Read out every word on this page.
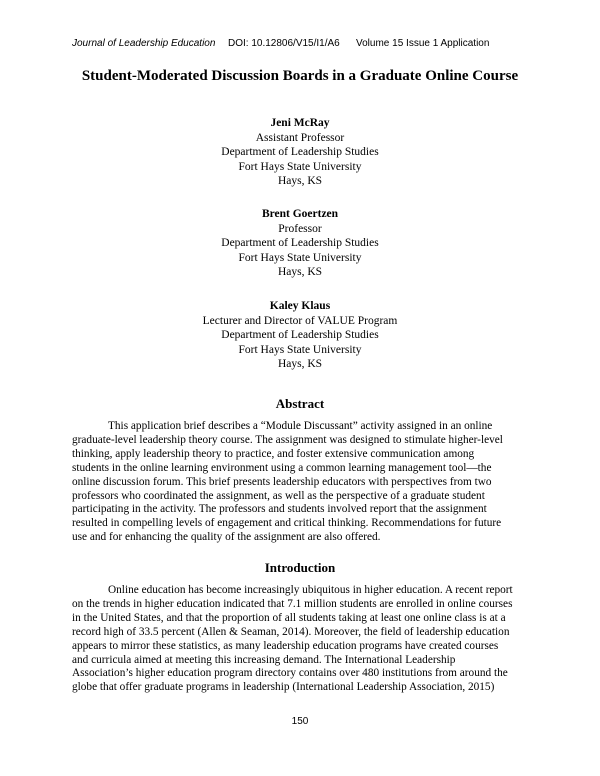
Journal of Leadership Education DOI: 10.12806/V15/I1/A6 Volume 15 Issue 1 Application
Student-Moderated Discussion Boards in a Graduate Online Course
Jeni McRay
Assistant Professor
Department of Leadership Studies
Fort Hays State University
Hays, KS
Brent Goertzen
Professor
Department of Leadership Studies
Fort Hays State University
Hays, KS
Kaley Klaus
Lecturer and Director of VALUE Program
Department of Leadership Studies
Fort Hays State University
Hays, KS
Abstract
This application brief describes a “Module Discussant” activity assigned in an online
graduate-level leadership theory course. The assignment was designed to stimulate higher-level
thinking, apply leadership theory to practice, and foster extensive communication among
students in the online learning environment using a common learning management tool—the
online discussion forum. This brief presents leadership educators with perspectives from two
professors who coordinated the assignment, as well as the perspective of a graduate student
participating in the activity. The professors and students involved report that the assignment
resulted in compelling levels of engagement and critical thinking. Recommendations for future
use and for enhancing the quality of the assignment are also offered.
Introduction
Online education has become increasingly ubiquitous in higher education. A recent report
on the trends in higher education indicated that 7.1 million students are enrolled in online courses
in the United States, and that the proportion of all students taking at least one online class is at a
record high of 33.5 percent (Allen & Seaman, 2014). Moreover, the field of leadership education
appears to mirror these statistics, as many leadership education programs have created courses
and curricula aimed at meeting this increasing demand. The International Leadership
Association’s higher education program directory contains over 480 institutions from around the
globe that offer graduate programs in leadership (International Leadership Association, 2015)
150
